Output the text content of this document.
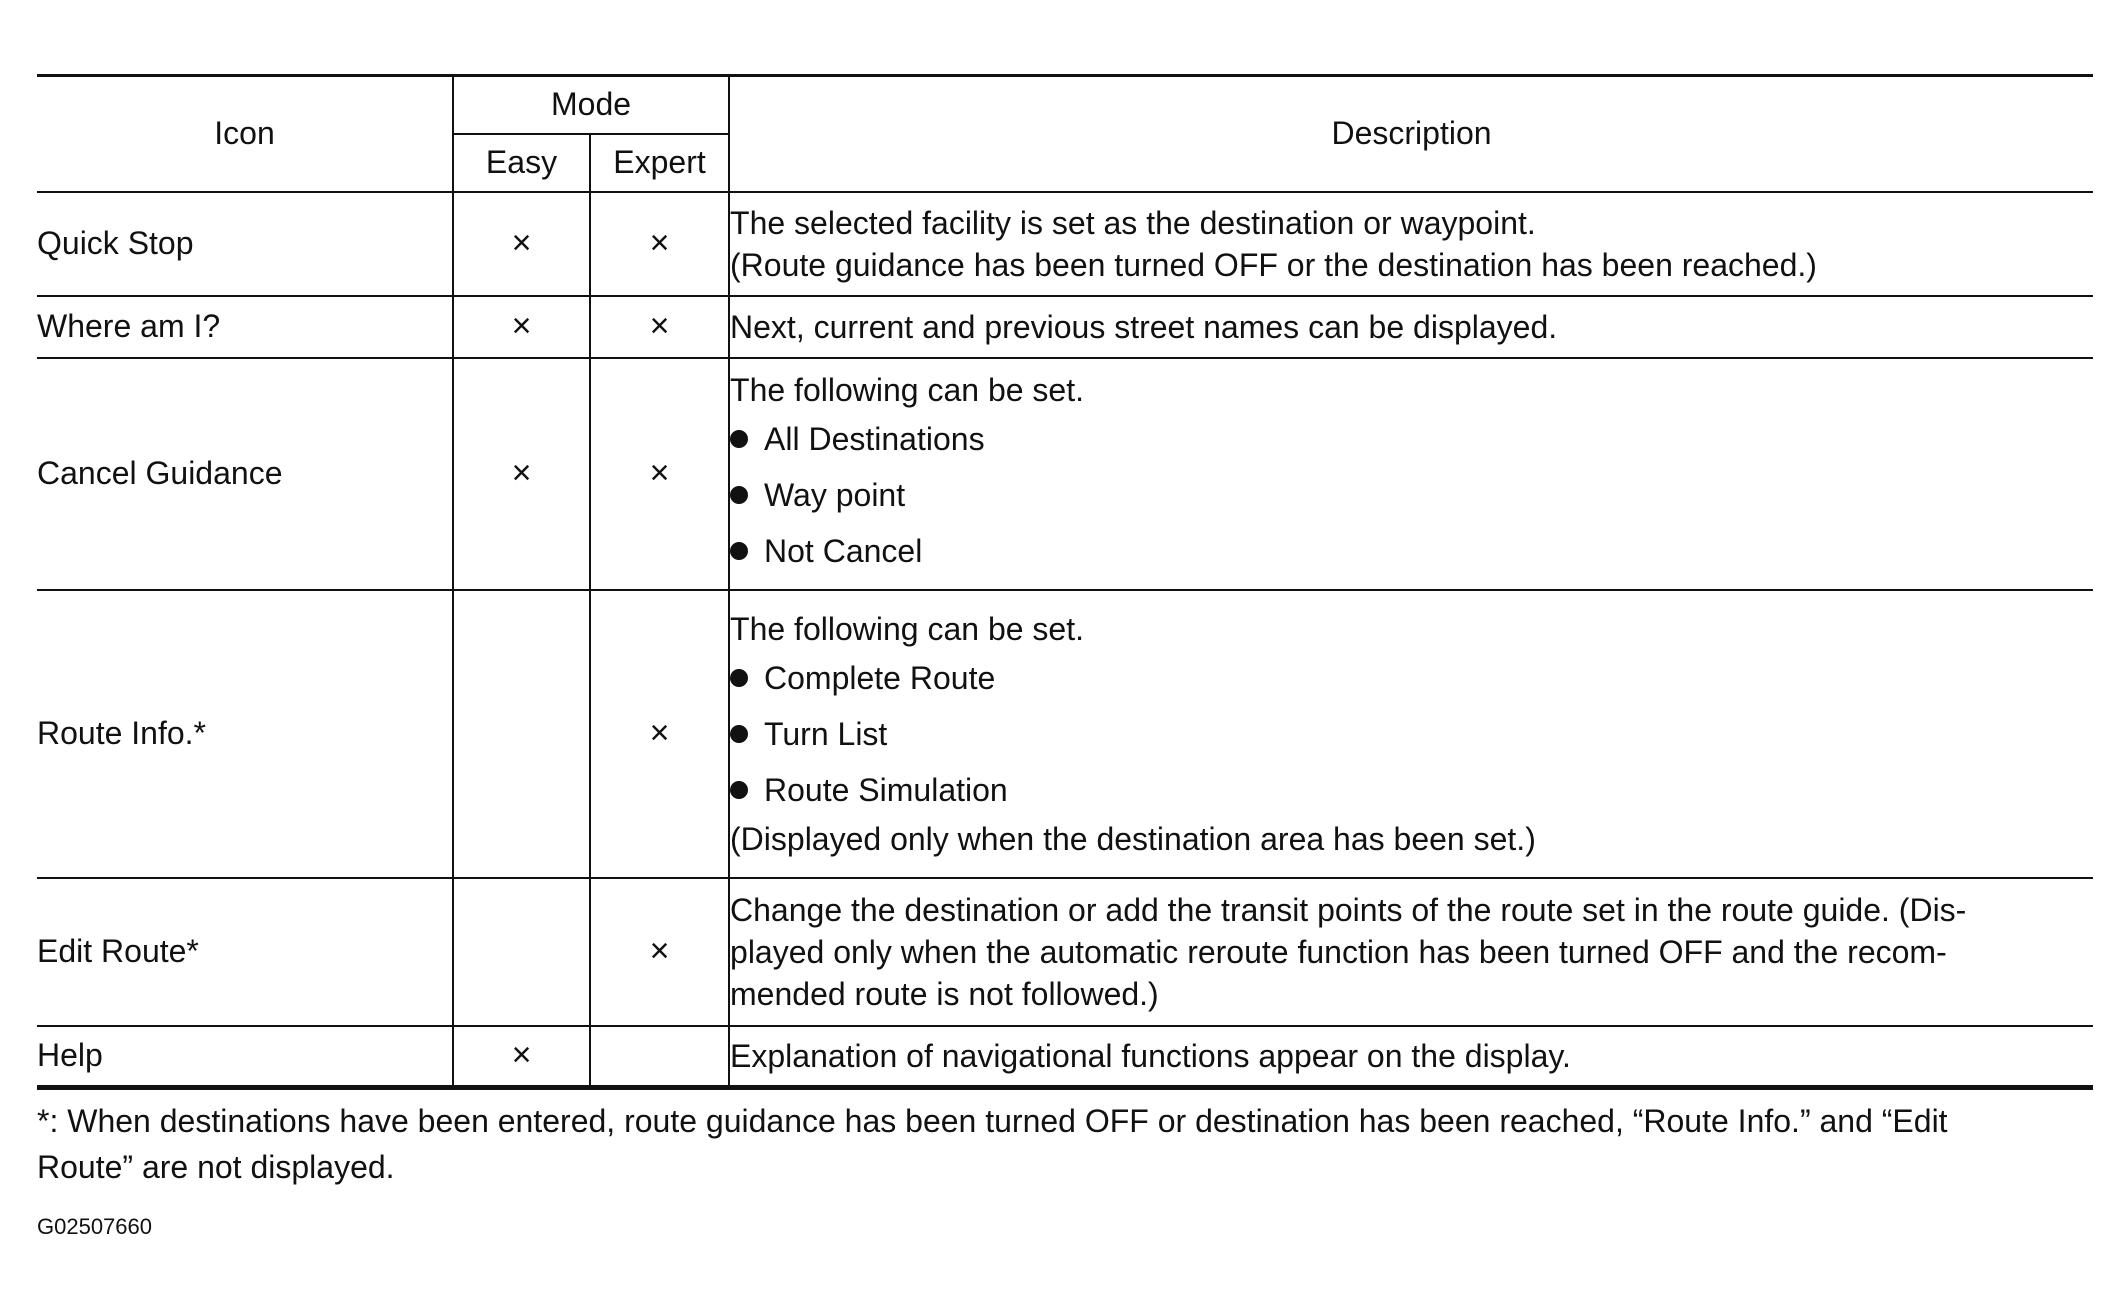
Icon	Mode		Description
	Easy	Expert	
Quick Stop	×	×	The selected facility is set as the destination or waypoint.
(Route guidance has been turned OFF or the destination has been reached.)

Where am I?	×	×	Next, current and previous street names can be displayed.

Cancel Guidance	×	×	The following can be set.
All Destinations
Way point
Not Cancel

Route Info.*		×	The following can be set.
Complete Route
Turn List
Route Simulation
(Displayed only when the destination area has been set.)

Edit Route*		×	Change the destination or add the transit points of the route set in the route guide. (Dis-
played only when the automatic reroute function has been turned OFF and the recom-
mended route is not followed.)

Help	×		Explanation of navigational functions appear on the display.
*: When destinations have been entered, route guidance has been turned OFF or destination has been reached, “Route Info.” and “Edit
Route” are not displayed.
G02507660
